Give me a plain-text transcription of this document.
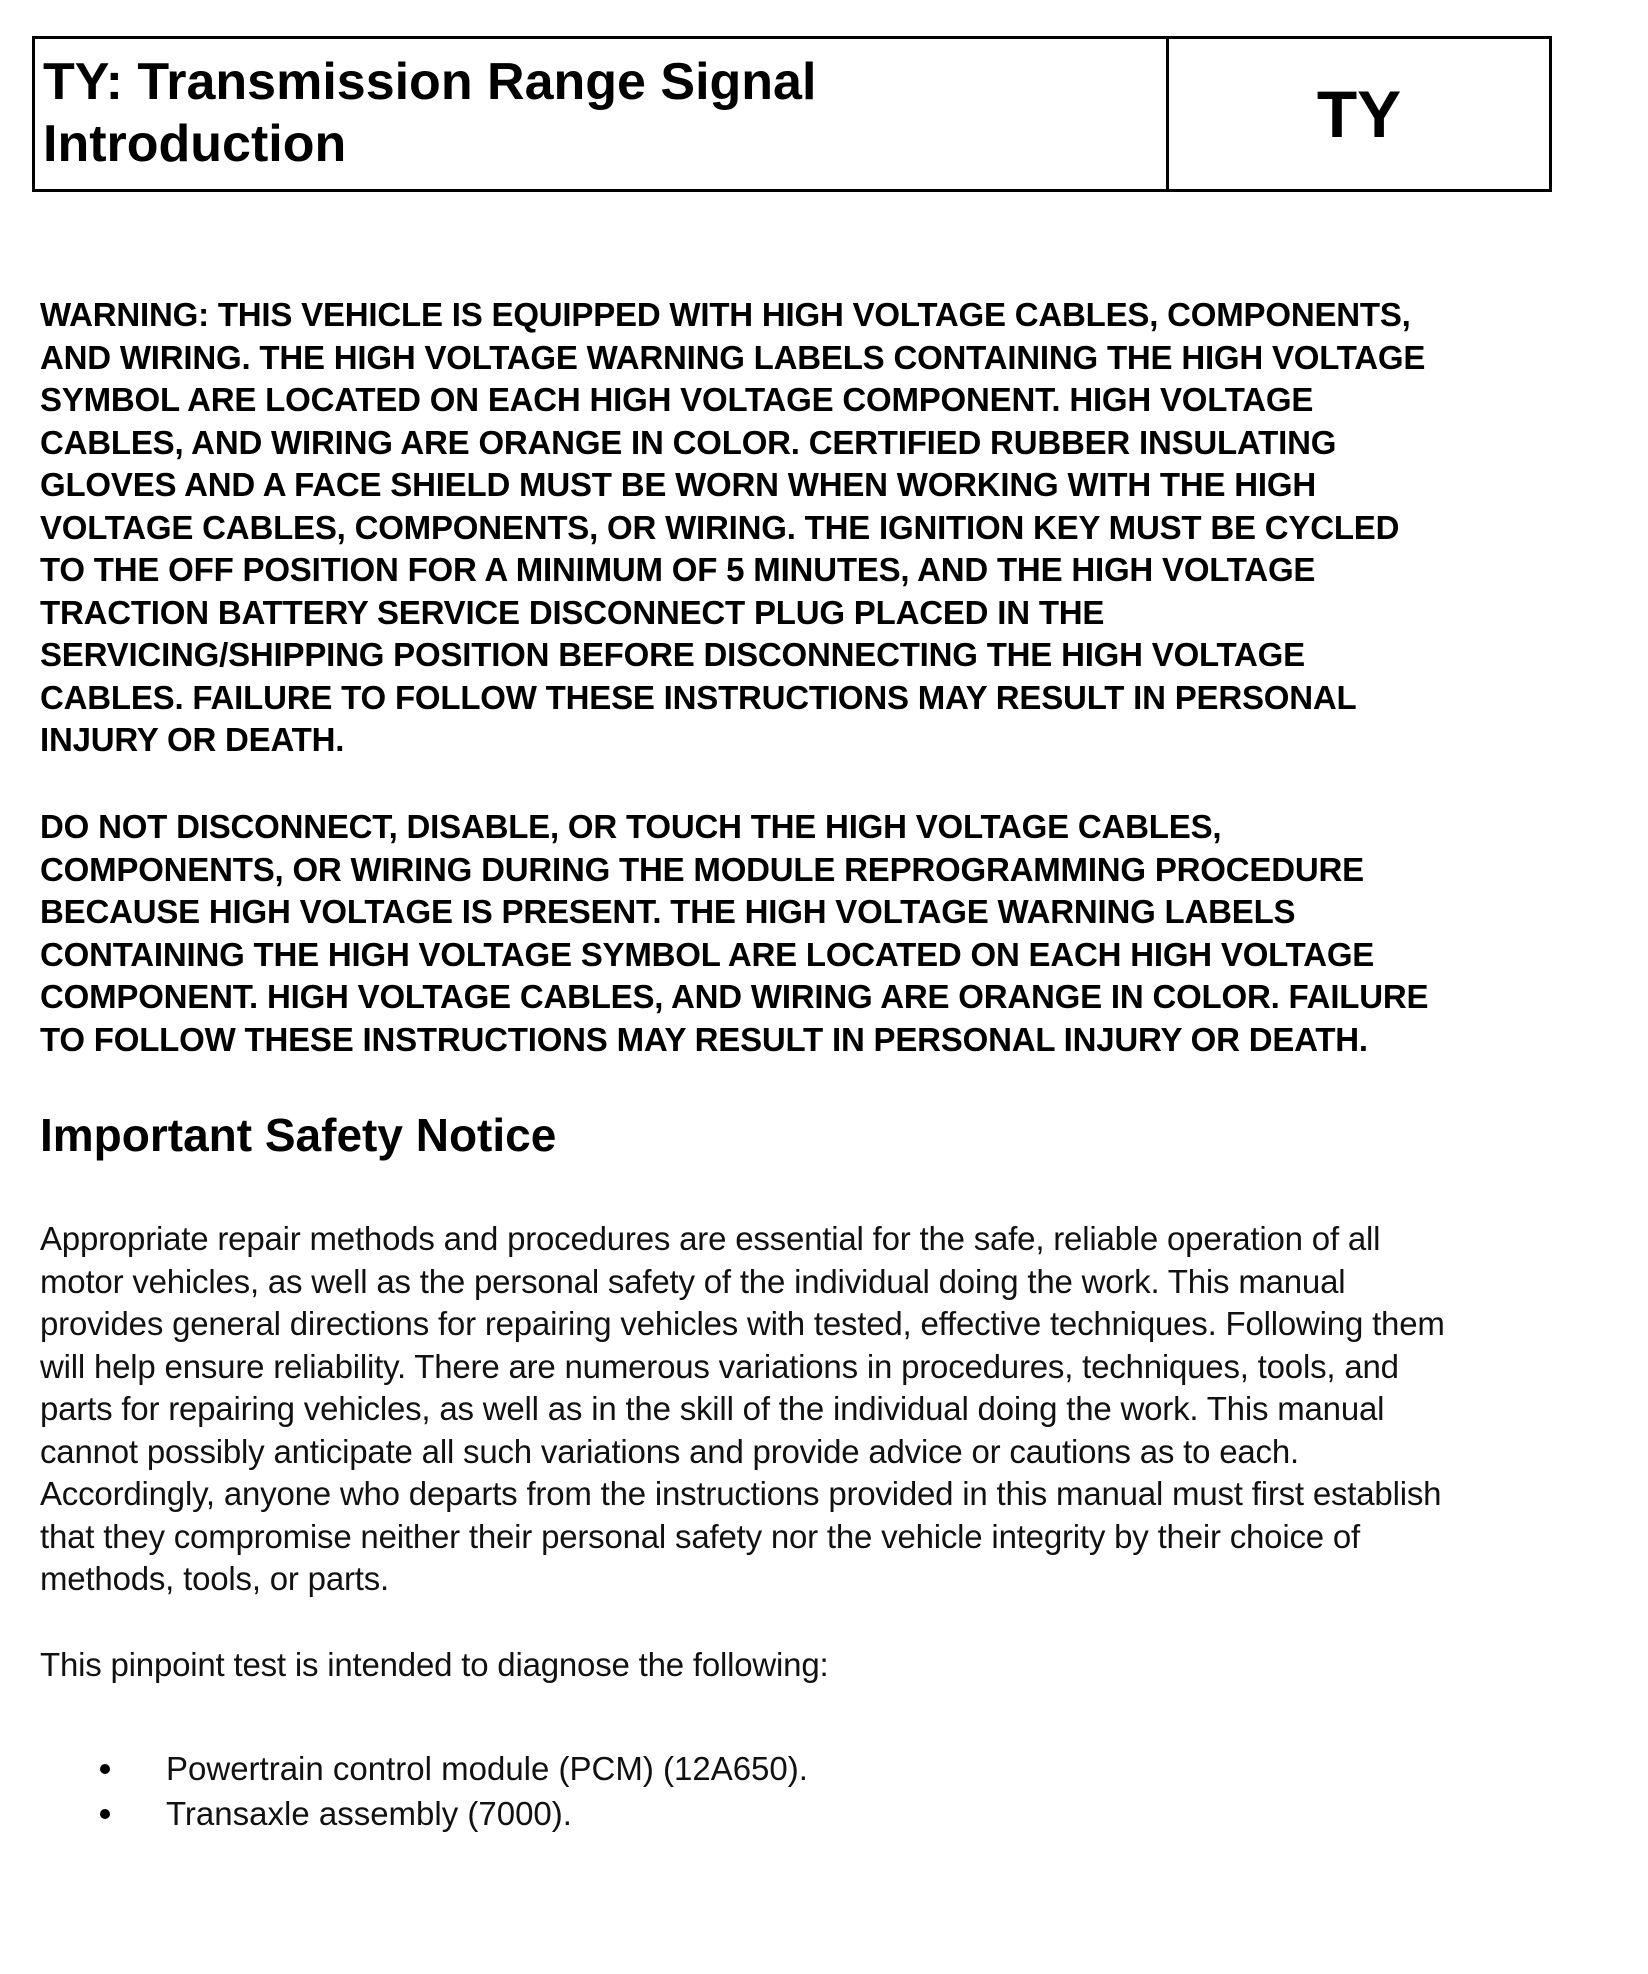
TY: Transmission Range Signal
Introduction	TY
WARNING: THIS VEHICLE IS EQUIPPED WITH HIGH VOLTAGE CABLES, COMPONENTS,
AND WIRING. THE HIGH VOLTAGE WARNING LABELS CONTAINING THE HIGH VOLTAGE
SYMBOL ARE LOCATED ON EACH HIGH VOLTAGE COMPONENT. HIGH VOLTAGE
CABLES, AND WIRING ARE ORANGE IN COLOR. CERTIFIED RUBBER INSULATING
GLOVES AND A FACE SHIELD MUST BE WORN WHEN WORKING WITH THE HIGH
VOLTAGE CABLES, COMPONENTS, OR WIRING. THE IGNITION KEY MUST BE CYCLED
TO THE OFF POSITION FOR A MINIMUM OF 5 MINUTES, AND THE HIGH VOLTAGE
TRACTION BATTERY SERVICE DISCONNECT PLUG PLACED IN THE
SERVICING/SHIPPING POSITION BEFORE DISCONNECTING THE HIGH VOLTAGE
CABLES. FAILURE TO FOLLOW THESE INSTRUCTIONS MAY RESULT IN PERSONAL
INJURY OR DEATH.
DO NOT DISCONNECT, DISABLE, OR TOUCH THE HIGH VOLTAGE CABLES,
COMPONENTS, OR WIRING DURING THE MODULE REPROGRAMMING PROCEDURE
BECAUSE HIGH VOLTAGE IS PRESENT. THE HIGH VOLTAGE WARNING LABELS
CONTAINING THE HIGH VOLTAGE SYMBOL ARE LOCATED ON EACH HIGH VOLTAGE
COMPONENT. HIGH VOLTAGE CABLES, AND WIRING ARE ORANGE IN COLOR. FAILURE
TO FOLLOW THESE INSTRUCTIONS MAY RESULT IN PERSONAL INJURY OR DEATH.
Important Safety Notice
Appropriate repair methods and procedures are essential for the safe, reliable operation of all
motor vehicles, as well as the personal safety of the individual doing the work. This manual
provides general directions for repairing vehicles with tested, effective techniques. Following them
will help ensure reliability. There are numerous variations in procedures, techniques, tools, and
parts for repairing vehicles, as well as in the skill of the individual doing the work. This manual
cannot possibly anticipate all such variations and provide advice or cautions as to each.
Accordingly, anyone who departs from the instructions provided in this manual must first establish
that they compromise neither their personal safety nor the vehicle integrity by their choice of
methods, tools, or parts.
This pinpoint test is intended to diagnose the following:
Powertrain control module (PCM) (12A650).
Transaxle assembly (7000).
